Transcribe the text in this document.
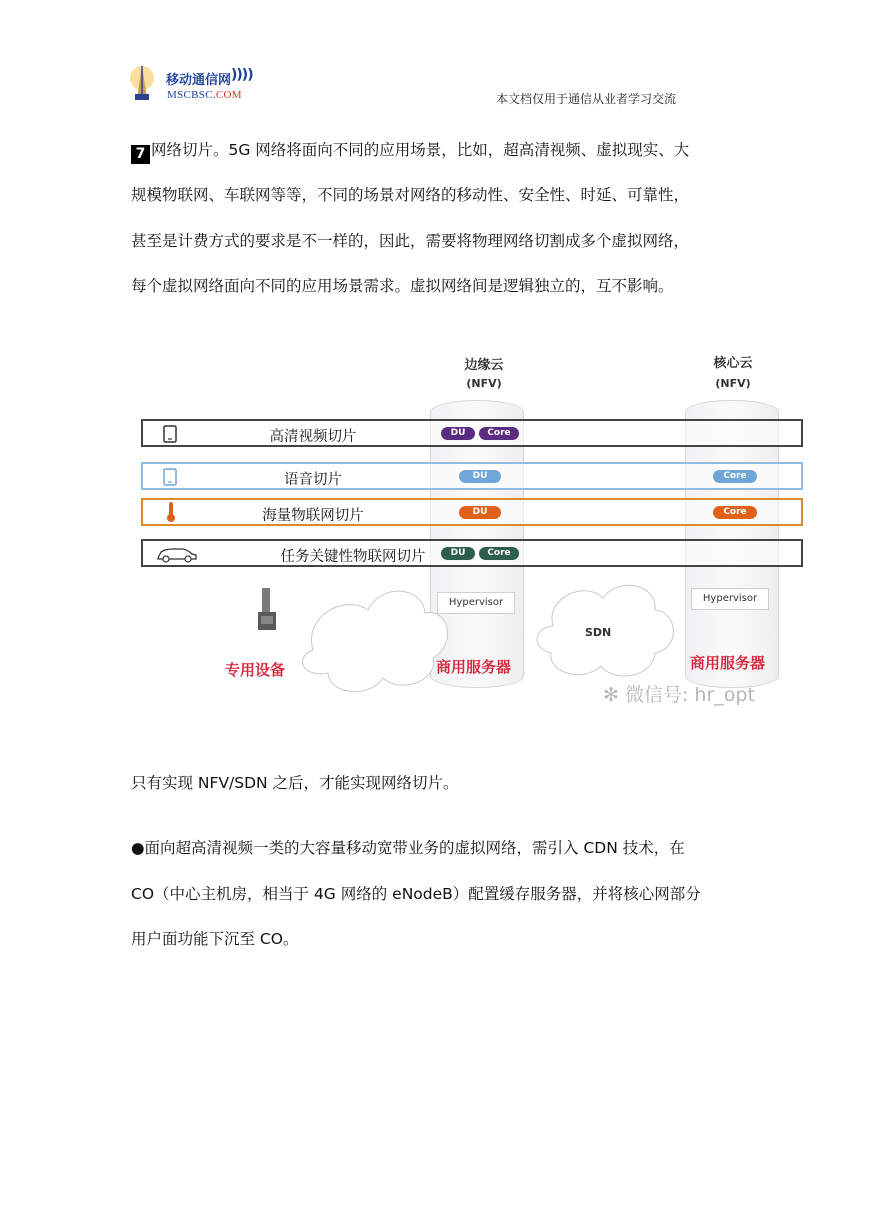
移动通信网 ))))
MSCBSC.COM	本文档仅用于通信从业者学习交流
7 网络切片。5G 网络将面向不同的应用场景，比如，超高清视频、虚拟现实、大
规模物联网、车联网等等，不同的场景对网络的移动性、安全性、时延、可靠性，
甚至是计费方式的要求是不一样的，因此，需要将物理网络切割成多个虚拟网络，
每个虚拟网络面向不同的应用场景需求。虚拟网络间是逻辑独立的，互不影响。
边缘云
(NFV)
核心云
(NFV)
高清视频切片	DU	Core
语音切片	DU	Core
海量物联网切片	DU	Core
任务关键性物联网切片	DU	Core
Hypervisor	Hypervisor
SDN
专用设备	商用服务器	商用服务器
✻ 微信号: hr_opt
只有实现 NFV/SDN 之后，才能实现网络切片。
●面向超高清视频一类的大容量移动宽带业务的虚拟网络，需引入 CDN 技术，在
CO（中心主机房，相当于 4G 网络的 eNodeB）配置缓存服务器，并将核心网部分
用户面功能下沉至 CO。
